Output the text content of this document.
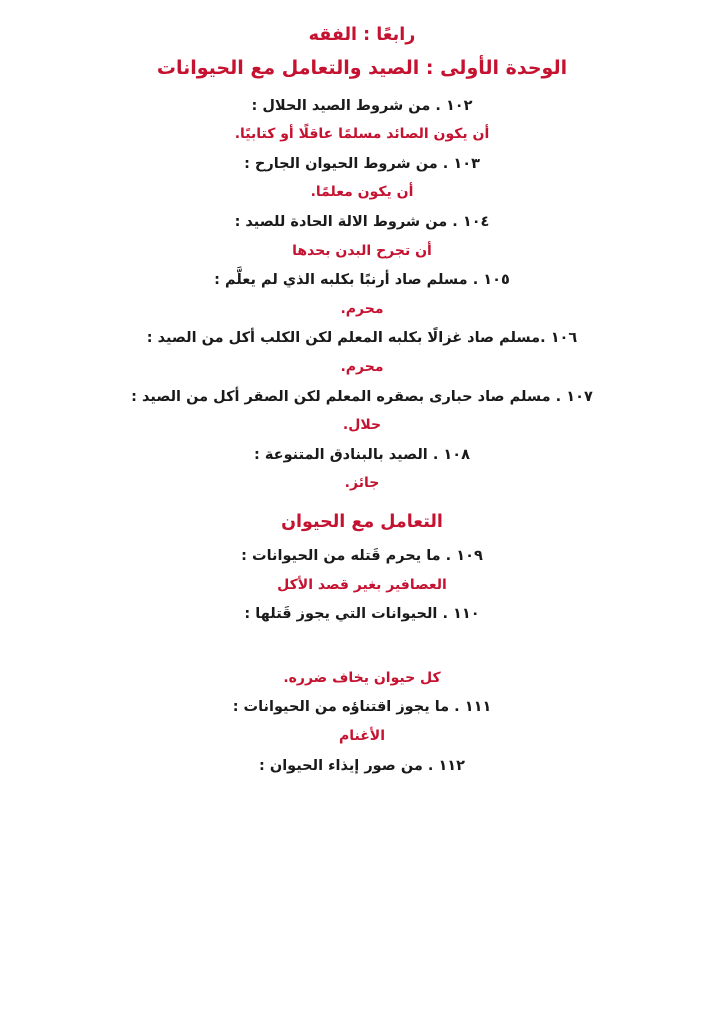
رابعًا : الفقه
الوحدة الأولى : الصيد والتعامل مع الحيوانات
١٠٢ . من شروط الصيد الحلال :
أن يكون الصائد مسلمًا عاقلًا أو كتابيًا.
١٠٣ . من شروط الحيوان الجارح :
أن يكون معلمًا.
١٠٤ . من شروط الالة الحادة للصيد :
أن تجرح البدن بحدها
١٠٥ . مسلم صاد أرنبًا بكلبه الذي لم يعلَّم :
محرم.
١٠٦ .مسلم صاد غزالًا بكلبه المعلم لكن الكلب أكل من الصيد :
محرم.
١٠٧ . مسلم صاد حبارى بصقره المعلم لكن الصقر أكل من الصيد :
حلال.
١٠٨ . الصيد بالبنادق المتنوعة :
جائز.
التعامل مع الحيوان
١٠٩ . ما يحرم قَتله من الحيوانات :
العصافير بغير قصد الأكل
١١٠ . الحيوانات التي يجوز قَتلها :
كل حيوان يخاف ضرره.
١١١ . ما يجوز اقتناؤه من الحيوانات :
الأغنام
١١٢ . من صور إيذاء الحيوان :
